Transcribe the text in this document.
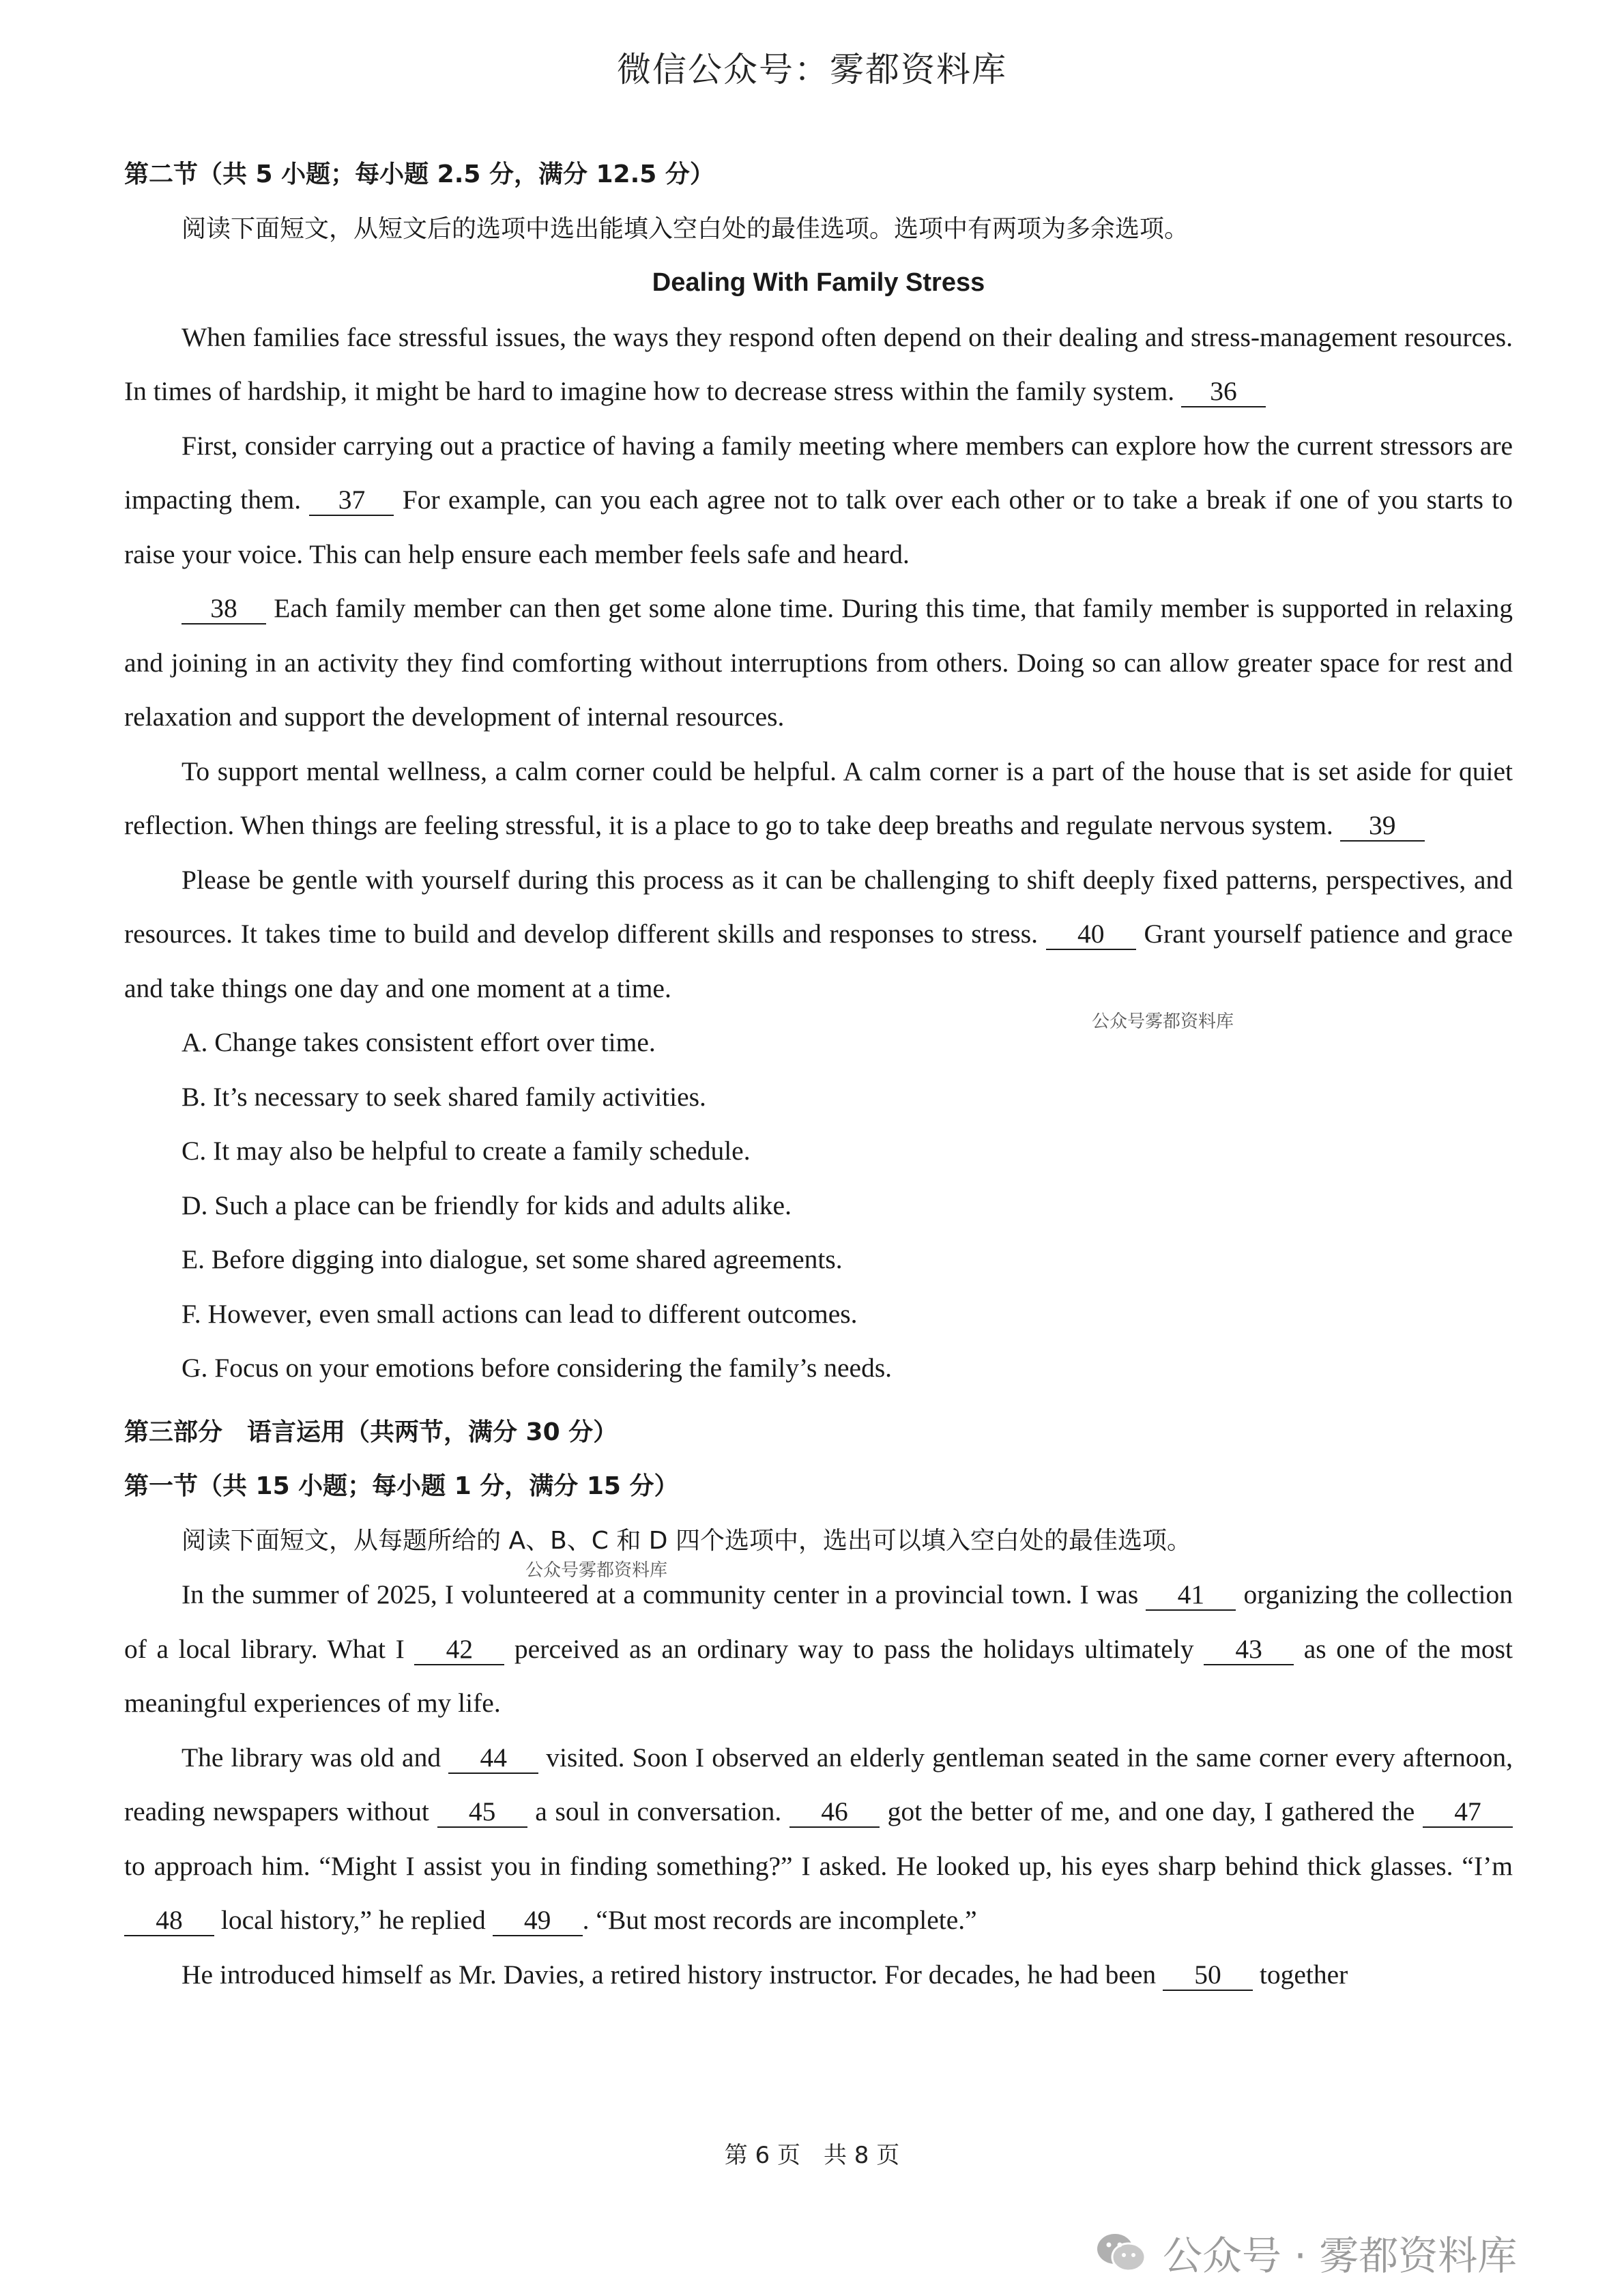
微信公众号：雾都资料库

第二节（共 5 小题；每小题 2.5 分，满分 12.5 分）

阅读下面短文，从短文后的选项中选出能填入空白处的最佳选项。选项中有两项为多余选项。

Dealing With Family Stress

When families face stressful issues, the ways they respond often depend on their dealing and stress-management resources. In times of hardship, it might be hard to imagine how to decrease stress within the family system. 36

First, consider carrying out a practice of having a family meeting where members can explore how the current stressors are impacting them. 37 For example, can you each agree not to talk over each other or to take a break if one of you starts to raise your voice. This can help ensure each member feels safe and heard.

38 Each family member can then get some alone time. During this time, that family member is supported in relaxing and joining in an activity they find comforting without interruptions from others. Doing so can allow greater space for rest and relaxation and support the development of internal resources.

To support mental wellness, a calm corner could be helpful. A calm corner is a part of the house that is set aside for quiet reflection. When things are feeling stressful, it is a place to go to take deep breaths and regulate nervous system. 39

Please be gentle with yourself during this process as it can be challenging to shift deeply fixed patterns, perspectives, and resources. It takes time to build and develop different skills and responses to stress. 40 Grant yourself patience and grace and take things one day and one moment at a time.

A. Change takes consistent effort over time.

B. It’s necessary to seek shared family activities.

C. It may also be helpful to create a family schedule.

D. Such a place can be friendly for kids and adults alike.

E. Before digging into dialogue, set some shared agreements.

F. However, even small actions can lead to different outcomes.

G. Focus on your emotions before considering the family’s needs.

第三部分　语言运用（共两节，满分 30 分）

第一节（共 15 小题；每小题 1 分，满分 15 分）

阅读下面短文，从每题所给的 A、B、C 和 D 四个选项中，选出可以填入空白处的最佳选项。

In the summer of 2025, I volunteered at a community center in a provincial town. I was 41 organizing the collection of a local library. What I 42 perceived as an ordinary way to pass the holidays ultimately 43 as one of the most meaningful experiences of my life.

The library was old and 44 visited. Soon I observed an elderly gentleman seated in the same corner every afternoon, reading newspapers without 45 a soul in conversation. 46 got the better of me, and one day, I gathered the 47 to approach him. “Might I assist you in finding something?” I asked. He looked up, his eyes sharp behind thick glasses. “I’m 48 local history,” he replied 49 . “But most records are incomplete.”

He introduced himself as Mr. Davies, a retired history instructor. For decades, he had been 50 together

公众号雾都资料库
公众号雾都资料库
第 6 页　共 8 页
公众号 · 雾都资料库
